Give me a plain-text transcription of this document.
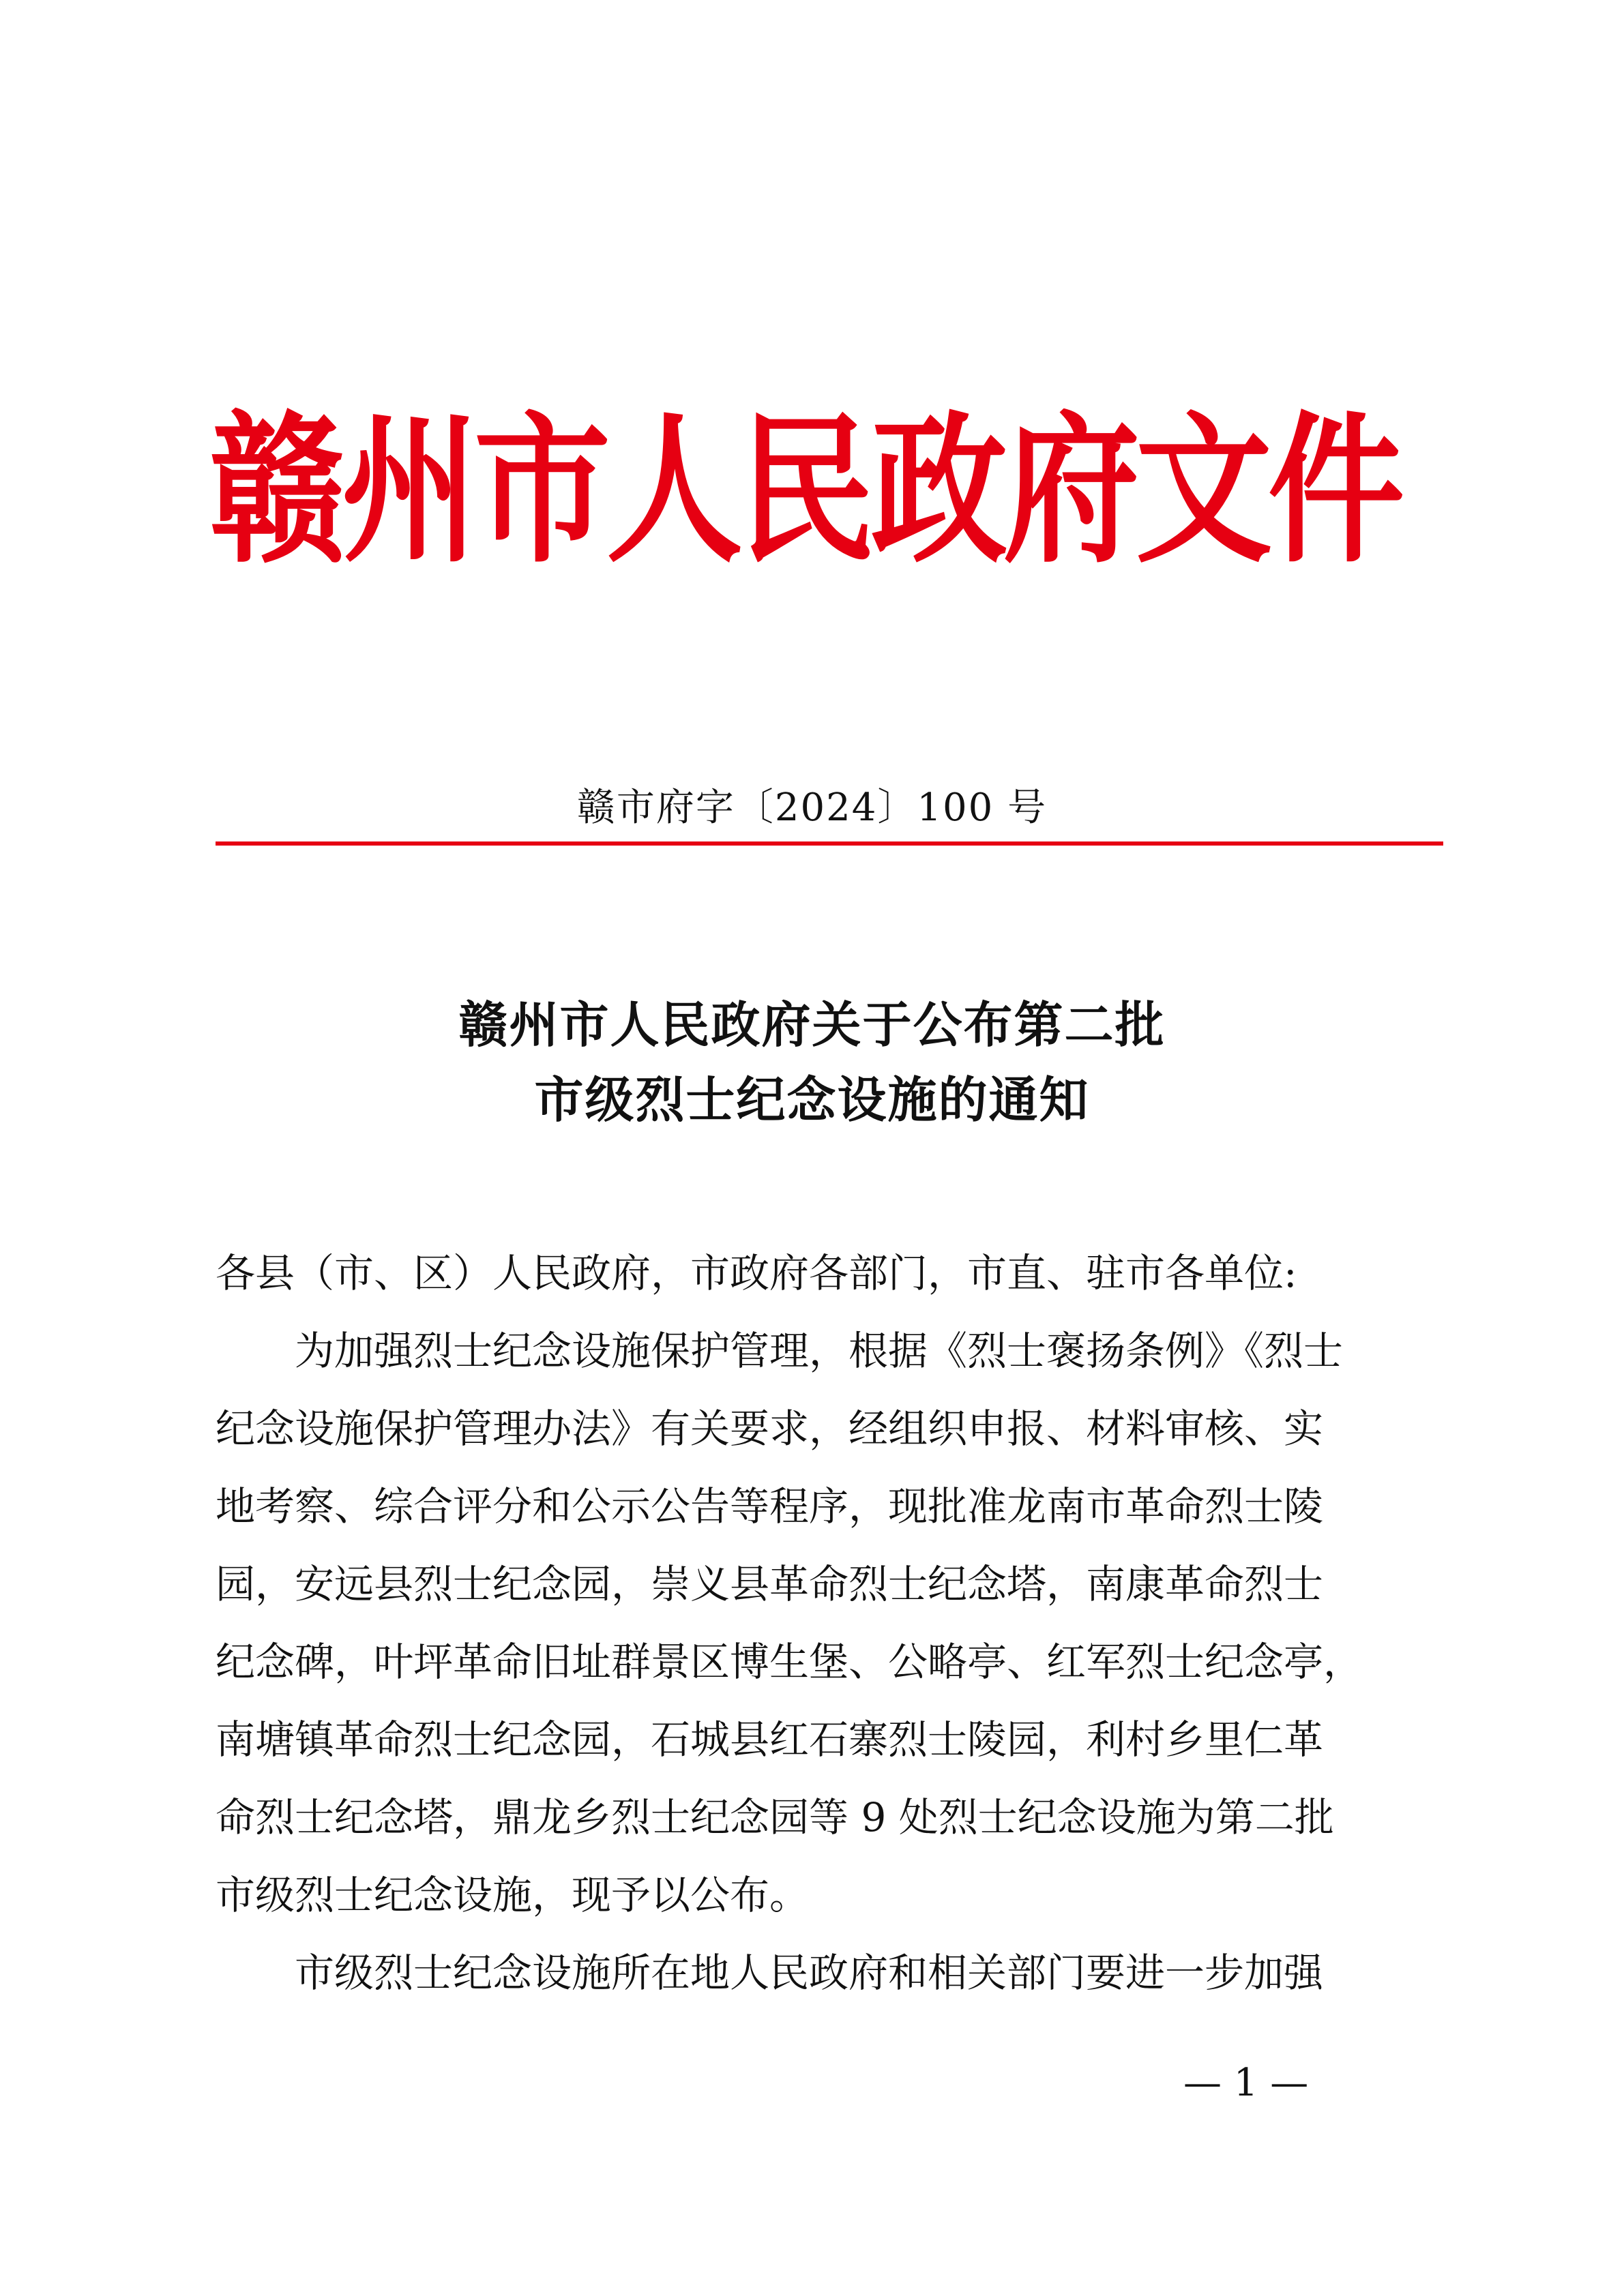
赣州市人民政府文件
赣市府字〔2024〕100 号
赣州市人民政府关于公布第二批
市级烈士纪念设施的通知
各县（市、区）人民政府，市政府各部门，市直、驻市各单位:
　　为加强烈士纪念设施保护管理，根据《烈士褒扬条例》《烈士
纪念设施保护管理办法》有关要求，经组织申报、材料审核、实
地考察、综合评分和公示公告等程序，现批准龙南市革命烈士陵
园，安远县烈士纪念园，崇义县革命烈士纪念塔，南康革命烈士
纪念碑，叶坪革命旧址群景区博生堡、公略亭、红军烈士纪念亭，
南塘镇革命烈士纪念园，石城县红石寨烈士陵园，利村乡里仁革
命烈士纪念塔，鼎龙乡烈士纪念园等 9 处烈士纪念设施为第二批
市级烈士纪念设施，现予以公布。
　　市级烈士纪念设施所在地人民政府和相关部门要进一步加强
— 1 —
